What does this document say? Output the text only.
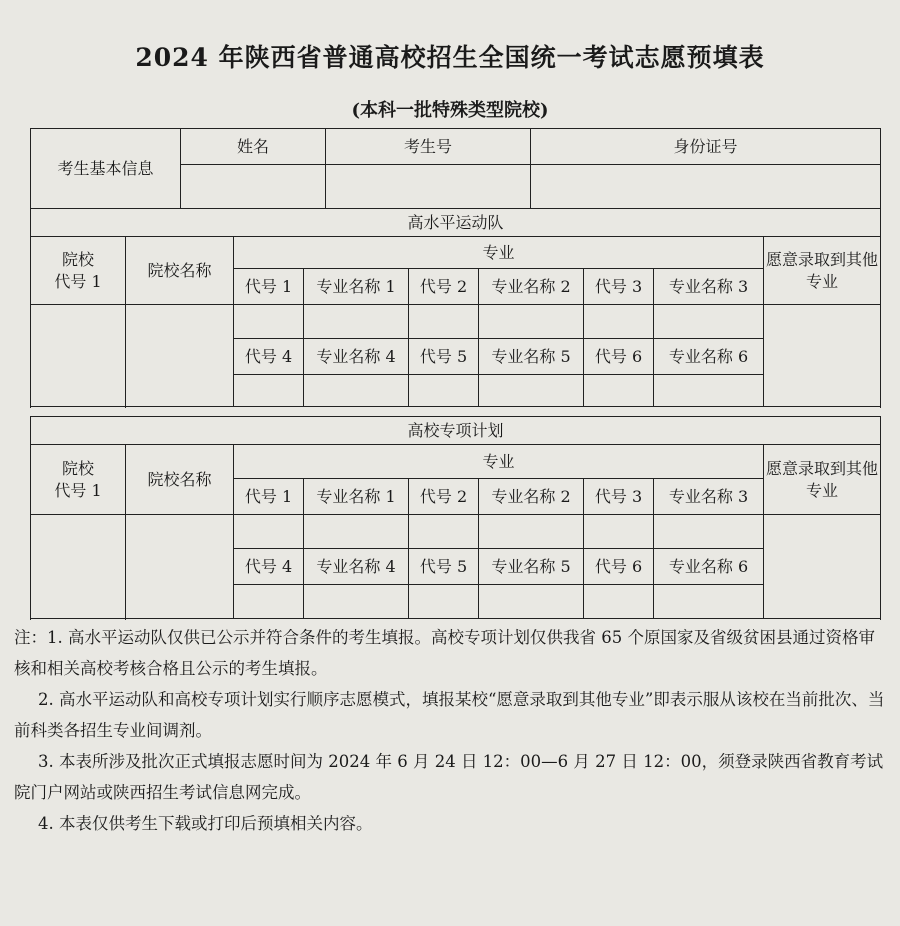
2024 年陕西省普通高校招生全国统一考试志愿预填表
(本科一批特殊类型院校)
考生基本信息	姓名	考生号	身份证号

高水平运动队								
院校
代号 1	院校名称	专业						愿意录取到其他专业
		代号 1	专业名称 1	代号 2	专业名称 2	代号 3	专业名称 3	

		代号 4	专业名称 4	代号 5	专业名称 5	代号 6	专业名称 6	

高校专项计划								
院校
代号 1	院校名称	专业						愿意录取到其他专业
		代号 1	专业名称 1	代号 2	专业名称 2	代号 3	专业名称 3	

		代号 4	专业名称 4	代号 5	专业名称 5	代号 6	专业名称 6	

注：1. 高水平运动队仅供已公示并符合条件的考生填报。高校专项计划仅供我省 65 个原国家及省级贫困县通过资格审核和相关高校考核合格且公示的考生填报。

2. 高水平运动队和高校专项计划实行顺序志愿模式，填报某校“愿意录取到其他专业”即表示服从该校在当前批次、当前科类各招生专业间调剂。

3. 本表所涉及批次正式填报志愿时间为 2024 年 6 月 24 日 12：00—6 月 27 日 12：00，须登录陕西省教育考试院门户网站或陕西招生考试信息网完成。

4. 本表仅供考生下载或打印后预填相关内容。
